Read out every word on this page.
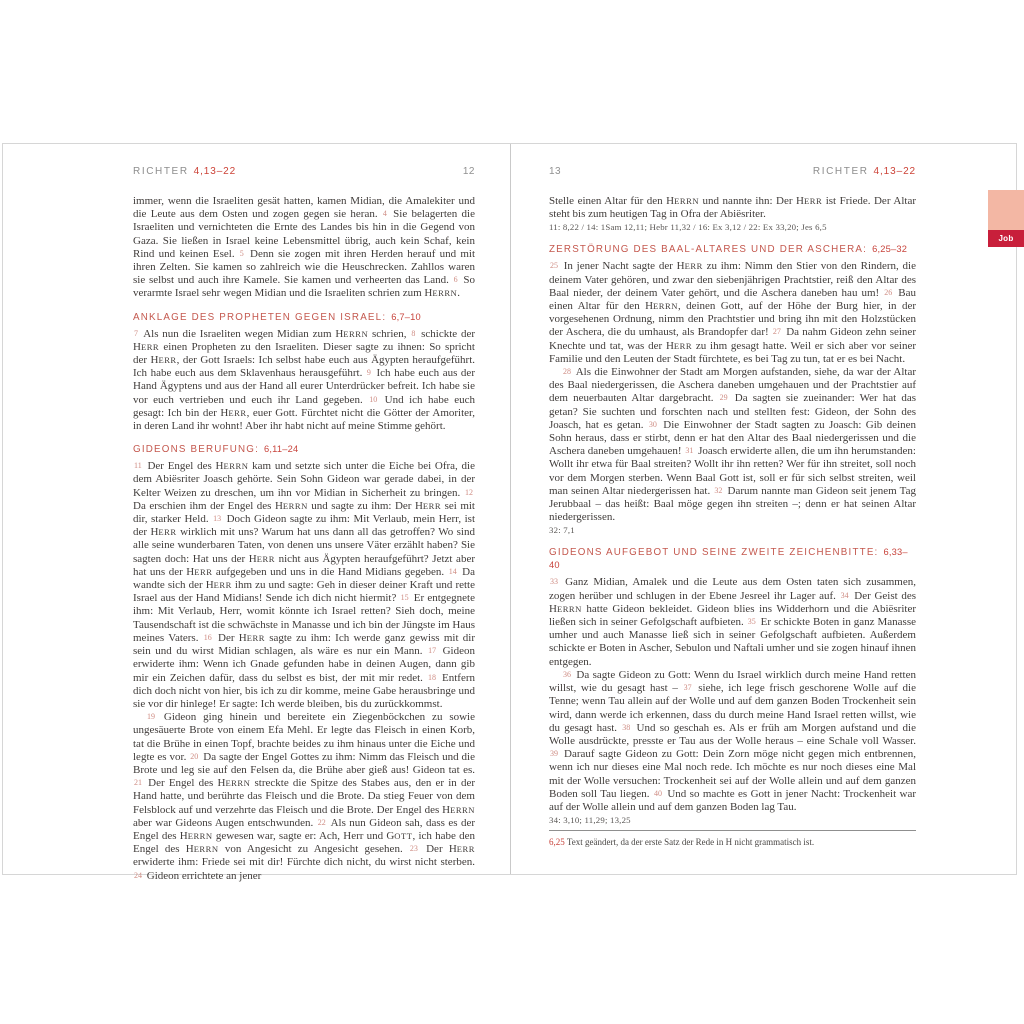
RICHTER 4,13–22	12

immer, wenn die Israeliten gesät hatten, kamen Midian, die Amalekiter und die Leute aus dem Osten und zogen gegen sie heran. 4 Sie belagerten die Israeliten und vernichteten die Ernte des Landes bis hin in die Gegend von Gaza. Sie ließen in Israel keine Lebensmittel übrig, auch kein Schaf, kein Rind und keinen Esel. 5 Denn sie zogen mit ihren Herden herauf und mit ihren Zelten. Sie kamen so zahlreich wie die Heuschrecken. Zahllos waren sie selbst und auch ihre Kamele. Sie kamen und verheerten das Land. 6 So verarmte Israel sehr wegen Midian und die Israeliten schrien zum HERRN.

ANKLAGE DES PROPHETEN GEGEN ISRAEL: 6,7–10

7 Als nun die Israeliten wegen Midian zum HERRN schrien, 8 schickte der HERR einen Propheten zu den Israeliten. Dieser sagte zu ihnen: So spricht der HERR, der Gott Israels: Ich selbst habe euch aus Ägypten heraufgeführt. Ich habe euch aus dem Sklavenhaus herausgeführt. 9 Ich habe euch aus der Hand Ägyptens und aus der Hand all eurer Unterdrücker befreit. Ich habe sie vor euch vertrieben und euch ihr Land gegeben. 10 Und ich habe euch gesagt: Ich bin der HERR, euer Gott. Fürchtet nicht die Götter der Amoriter, in deren Land ihr wohnt! Aber ihr habt nicht auf meine Stimme gehört.

GIDEONS BERUFUNG: 6,11–24

11 Der Engel des HERRN kam und setzte sich unter die Eiche bei Ofra, die dem Abiësriter Joasch gehörte. Sein Sohn Gideon war gerade dabei, in der Kelter Weizen zu dreschen, um ihn vor Midian in Sicherheit zu bringen. 12 Da erschien ihm der Engel des HERRN und sagte zu ihm: Der HERR sei mit dir, starker Held. 13 Doch Gideon sagte zu ihm: Mit Verlaub, mein Herr, ist der HERR wirklich mit uns? Warum hat uns dann all das getroffen? Wo sind alle seine wunderbaren Taten, von denen uns unsere Väter erzählt haben? Sie sagten doch: Hat uns der HERR nicht aus Ägypten heraufgeführt? Jetzt aber hat uns der HERR aufgegeben und uns in die Hand Midians gegeben. 14 Da wandte sich der HERR ihm zu und sagte: Geh in dieser deiner Kraft und rette Israel aus der Hand Midians! Sende ich dich nicht hiermit? 15 Er entgegnete ihm: Mit Verlaub, Herr, womit könnte ich Israel retten? Sieh doch, meine Tausendschaft ist die schwächste in Manasse und ich bin der Jüngste im Haus meines Vaters. 16 Der HERR sagte zu ihm: Ich werde ganz gewiss mit dir sein und du wirst Midian schlagen, als wäre es nur ein Mann. 17 Gideon erwiderte ihm: Wenn ich Gnade gefunden habe in deinen Augen, dann gib mir ein Zeichen dafür, dass du selbst es bist, der mit mir redet. 18 Entfern dich doch nicht von hier, bis ich zu dir komme, meine Gabe herausbringe und sie vor dir hinlege! Er sagte: Ich werde bleiben, bis du zurückkommst.

19 Gideon ging hinein und bereitete ein Ziegenböckchen zu sowie ungesäuerte Brote von einem Efa Mehl. Er legte das Fleisch in einen Korb, tat die Brühe in einen Topf, brachte beides zu ihm hinaus unter die Eiche und legte es vor. 20 Da sagte der Engel Gottes zu ihm: Nimm das Fleisch und die Brote und leg sie auf den Felsen da, die Brühe aber gieß aus! Gideon tat es. 21 Der Engel des HERRN streckte die Spitze des Stabes aus, den er in der Hand hatte, und berührte das Fleisch und die Brote. Da stieg Feuer von dem Felsblock auf und verzehrte das Fleisch und die Brote. Der Engel des HERRN aber war Gideons Augen entschwunden. 22 Als nun Gideon sah, dass es der Engel des HERRN gewesen war, sagte er: Ach, Herr und GOTT, ich habe den Engel des HERRN von Angesicht zu Angesicht gesehen. 23 Der HERR erwiderte ihm: Friede sei mit dir! Fürchte dich nicht, du wirst nicht sterben. 24 Gideon errichtete an jener

13	RICHTER 4,13–22

Stelle einen Altar für den HERRN und nannte ihn: Der HERR ist Friede. Der Altar steht bis zum heutigen Tag in Ofra der Abiësriter.

11: 8,22 / 14: 1Sam 12,11; Hebr 11,32 / 16: Ex 3,12 / 22: Ex 33,20; Jes 6,5
ZERSTÖRUNG DES BAAL-ALTARES UND DER ASCHERA: 6,25–32

25 In jener Nacht sagte der HERR zu ihm: Nimm den Stier von den Rindern, die deinem Vater gehören, und zwar den siebenjährigen Prachtstier, reiß den Altar des Baal nieder, der deinem Vater gehört, und die Aschera daneben hau um! 26 Bau einen Altar für den HERRN, deinen Gott, auf der Höhe der Burg hier, in der vorgesehenen Ordnung, nimm den Prachtstier und bring ihn mit den Holzstücken der Aschera, die du umhaust, als Brandopfer dar! 27 Da nahm Gideon zehn seiner Knechte und tat, was der HERR zu ihm gesagt hatte. Weil er sich aber vor seiner Familie und den Leuten der Stadt fürchtete, es bei Tag zu tun, tat er es bei Nacht.

28 Als die Einwohner der Stadt am Morgen aufstanden, siehe, da war der Altar des Baal niedergerissen, die Aschera daneben umgehauen und der Prachtstier auf dem neuerbauten Altar dargebracht. 29 Da sagten sie zueinander: Wer hat das getan? Sie suchten und forschten nach und stellten fest: Gideon, der Sohn des Joasch, hat es getan. 30 Die Einwohner der Stadt sagten zu Joasch: Gib deinen Sohn heraus, dass er stirbt, denn er hat den Altar des Baal niedergerissen und die Aschera daneben umgehauen! 31 Joasch erwiderte allen, die um ihn herumstanden: Wollt ihr etwa für Baal streiten? Wollt ihr ihn retten? Wer für ihn streitet, soll noch vor dem Morgen sterben. Wenn Baal Gott ist, soll er für sich selbst streiten, weil man seinen Altar niedergerissen hat. 32 Darum nannte man Gideon seit jenem Tag Jerubbaal – das heißt: Baal möge gegen ihn streiten –; denn er hat seinen Altar niedergerissen.

32: 7,1
GIDEONS AUFGEBOT UND SEINE ZWEITE ZEICHENBITTE: 6,33–40

33 Ganz Midian, Amalek und die Leute aus dem Osten taten sich zusammen, zogen herüber und schlugen in der Ebene Jesreel ihr Lager auf. 34 Der Geist des HERRN hatte Gideon bekleidet. Gideon blies ins Widderhorn und die Abiësriter ließen sich in seiner Gefolgschaft aufbieten. 35 Er schickte Boten in ganz Manasse umher und auch Manasse ließ sich in seiner Gefolgschaft aufbieten. Außerdem schickte er Boten in Ascher, Sebulon und Naftali umher und sie zogen hinauf ihnen entgegen.

36 Da sagte Gideon zu Gott: Wenn du Israel wirklich durch meine Hand retten willst, wie du gesagt hast – 37 siehe, ich lege frisch geschorene Wolle auf die Tenne; wenn Tau allein auf der Wolle und auf dem ganzen Boden Trockenheit sein wird, dann werde ich erkennen, dass du durch meine Hand Israel retten willst, wie du gesagt hast. 38 Und so geschah es. Als er früh am Morgen aufstand und die Wolle ausdrückte, presste er Tau aus der Wolle heraus – eine Schale voll Wasser. 39 Darauf sagte Gideon zu Gott: Dein Zorn möge nicht gegen mich entbrennen, wenn ich nur dieses eine Mal noch rede. Ich möchte es nur noch dieses eine Mal mit der Wolle versuchen: Trockenheit sei auf der Wolle allein und auf dem ganzen Boden soll Tau liegen. 40 Und so machte es Gott in jener Nacht: Trockenheit war auf der Wolle allein und auf dem ganzen Boden lag Tau.

34: 3,10; 11,29; 13,25
6,25 Text geändert, da der erste Satz der Rede in H nicht grammatisch ist.
Job
